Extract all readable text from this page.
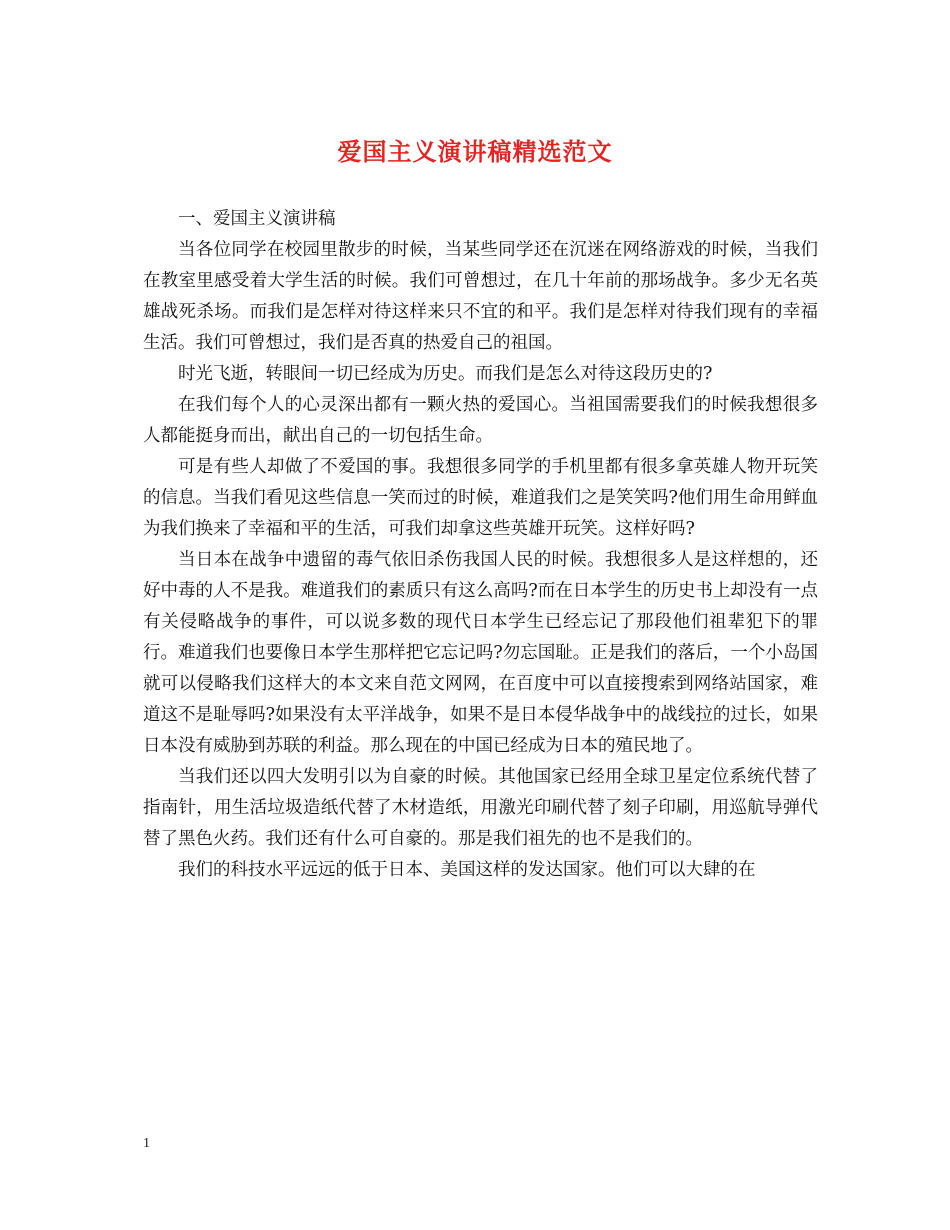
爱国主义演讲稿精选范文

一、爱国主义演讲稿

当各位同学在校园里散步的时候，当某些同学还在沉迷在网络游戏的时候，当我们在教室里感受着大学生活的时候。我们可曾想过，在几十年前的那场战争。多少无名英雄战死杀场。而我们是怎样对待这样来只不宜的和平。我们是怎样对待我们现有的幸福生活。我们可曾想过，我们是否真的热爱自己的祖国。

时光飞逝，转眼间一切已经成为历史。而我们是怎么对待这段历史的?

在我们每个人的心灵深出都有一颗火热的爱国心。当祖国需要我们的时候我想很多人都能挺身而出，献出自己的一切包括生命。

可是有些人却做了不爱国的事。我想很多同学的手机里都有很多拿英雄人物开玩笑的信息。当我们看见这些信息一笑而过的时候，难道我们之是笑笑吗?他们用生命用鲜血为我们换来了幸福和平的生活，可我们却拿这些英雄开玩笑。这样好吗?

当日本在战争中遗留的毒气依旧杀伤我国人民的时候。我想很多人是这样想的，还好中毒的人不是我。难道我们的素质只有这么高吗?而在日本学生的历史书上却没有一点有关侵略战争的事件，可以说多数的现代日本学生已经忘记了那段他们祖辈犯下的罪行。难道我们也要像日本学生那样把它忘记吗?勿忘国耻。正是我们的落后，一个小岛国就可以侵略我们这样大的本文来自范文网网，在百度中可以直接搜索到网络站国家，难道这不是耻辱吗?如果没有太平洋战争，如果不是日本侵华战争中的战线拉的过长，如果日本没有威胁到苏联的利益。那么现在的中国已经成为日本的殖民地了。

当我们还以四大发明引以为自豪的时候。其他国家已经用全球卫星定位系统代替了指南针，用生活垃圾造纸代替了木材造纸，用激光印刷代替了刻子印刷，用巡航导弹代替了黑色火药。我们还有什么可自豪的。那是我们祖先的也不是我们的。

我们的科技水平远远的低于日本、美国这样的发达国家。他们可以大肆的在

1
